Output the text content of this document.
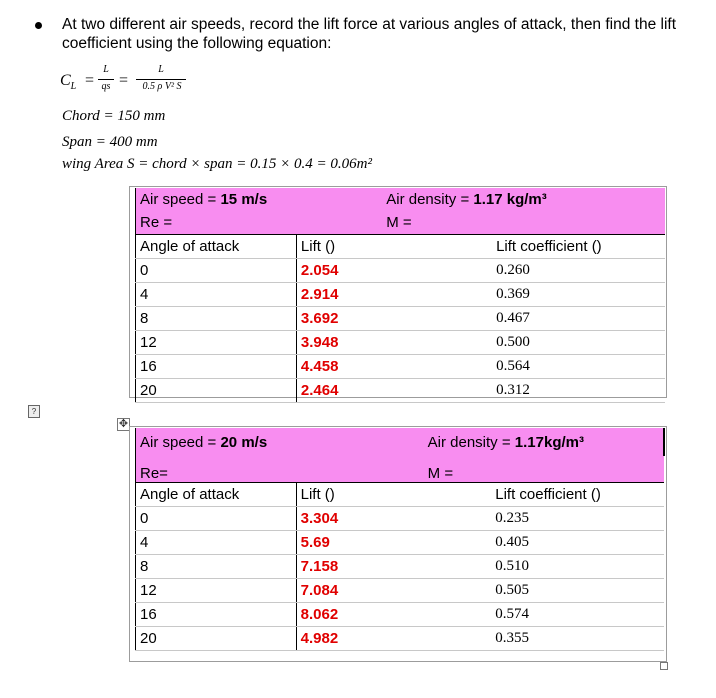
At two different air speeds, record the lift force at various angles of attack, then find the lift coefficient using the following equation:
$C_L$ =
L
qs =
L
0.5 ρ V² S
Chord = 150 mm
Span = 400 mm
wing Area S = chord × span = 0.15 × 0.4 = 0.06m²
Air speed = 15 m/s		Air density = 1.17 kg/m³	
Re =		M =	
Angle of attack	Lift ()		Lift coefficient ()
0	2.054		0.260
4	2.914		0.369
8	3.692		0.467
12	3.948		0.500
16	4.458		0.564
20	2.464		0.312
?
✥
Air speed = 20 m/s		Air density = 1.17kg/m³	
Re=		M =	
Angle of attack	Lift ()		Lift coefficient ()
0	3.304		0.235
4	5.69		0.405
8	7.158		0.510
12	7.084		0.505
16	8.062		0.574
20	4.982		0.355
